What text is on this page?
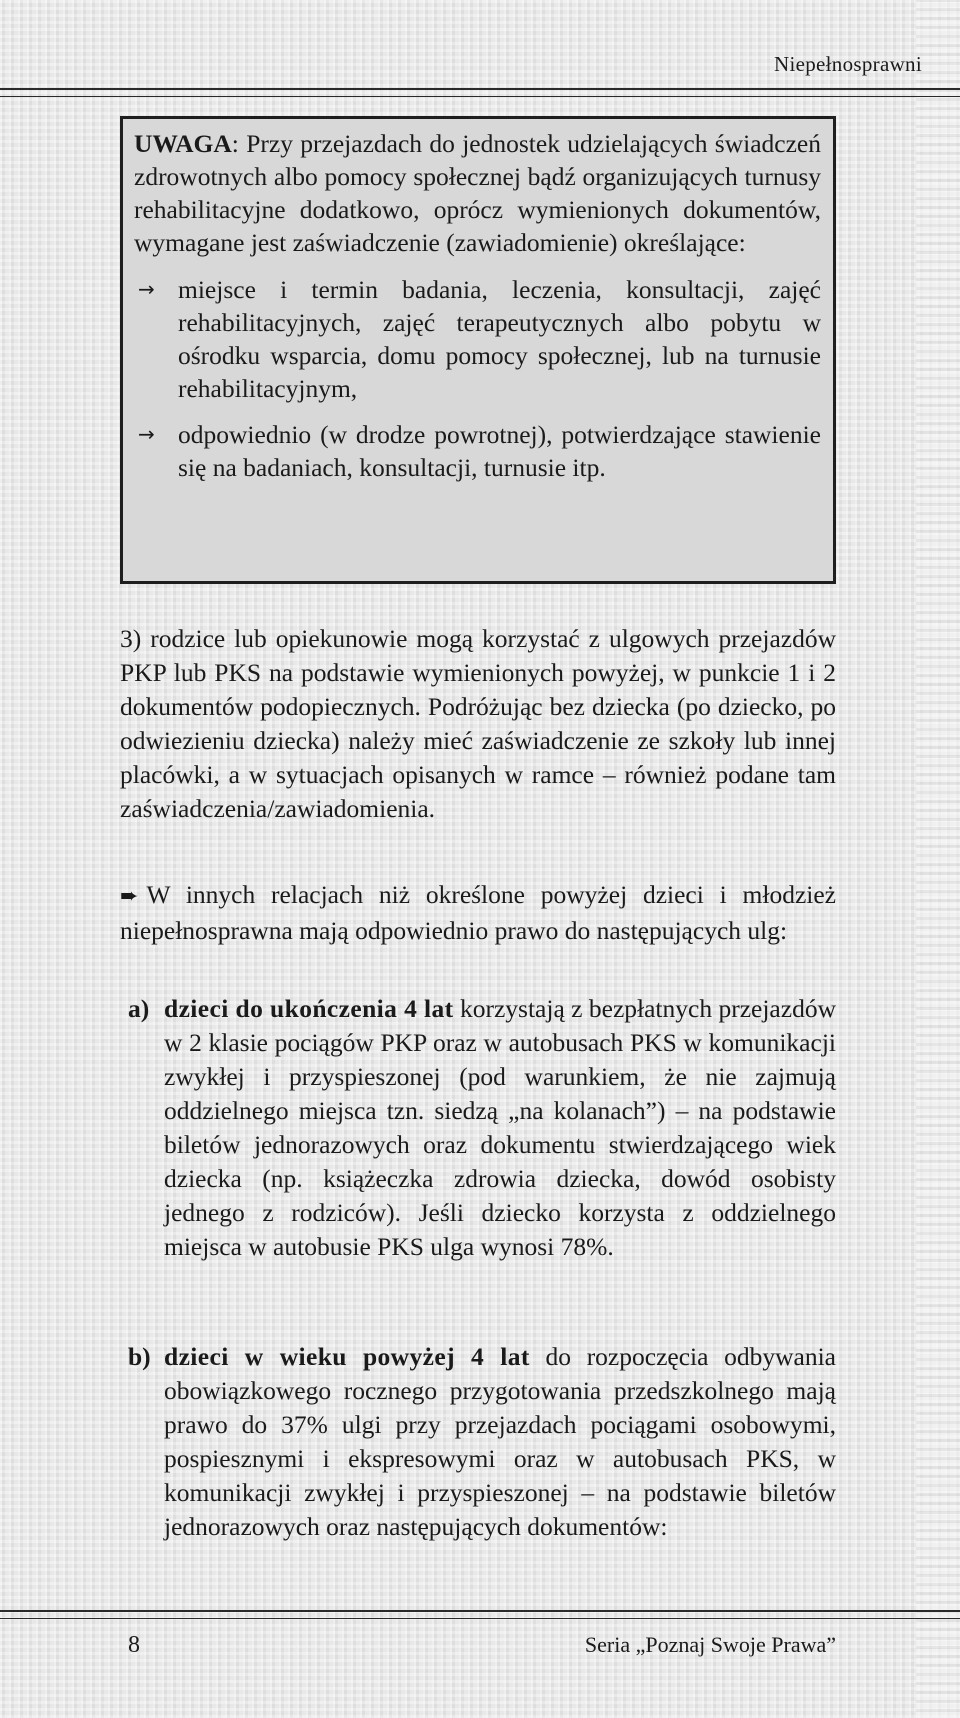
Niepełnosprawni

UWAGA: Przy przejazdach do jednostek udzielających świadczeń zdrowotnych albo pomocy społecznej bądź organizujących turnusy rehabilitacyjne dodatkowo, oprócz wymienionych dokumentów, wymagane jest zaświadczenie (zawiadomienie) określające:

→ miejsce i termin badania, leczenia, konsultacji, zajęć rehabilitacyjnych, zajęć terapeutycznych albo pobytu w ośrodku wsparcia, domu pomocy społecznej, lub na turnusie rehabilitacyjnym,
→ odpowiednio (w drodze powrotnej), potwierdzające stawienie się na badaniach, konsultacji, turnusie itp.

3) rodzice lub opiekunowie mogą korzystać z ulgowych przejazdów PKP lub PKS na podstawie wymienionych powyżej, w punkcie 1 i 2 dokumentów podopiecznych. Podróżując bez dziecka (po dziecko, po odwiezieniu dziecka) należy mieć zaświadczenie ze szkoły lub innej placówki, a w sytuacjach opisanych w ramce – również podane tam zaświadczenia/zawiadomienia.

➨ W innych relacjach niż określone powyżej dzieci i młodzież niepełnosprawna mają odpowiednio prawo do następujących ulg:

a) dzieci do ukończenia 4 lat korzystają z bezpłatnych przejazdów w 2 klasie pociągów PKP oraz w autobusach PKS w komunikacji zwykłej i przyspieszonej (pod warunkiem, że nie zajmują oddzielnego miejsca tzn. siedzą „na kolanach”) – na podstawie biletów jednorazowych oraz dokumentu stwierdzającego wiek dziecka (np. książeczka zdrowia dziecka, dowód osobisty jednego z rodziców). Jeśli dziecko korzysta z oddzielnego miejsca w autobusie PKS ulga wynosi 78%.
b) dzieci w wieku powyżej 4 lat do rozpoczęcia odbywania obowiązkowego rocznego przygotowania przedszkolnego mają prawo do 37% ulgi przy przejazdach pociągami osobowymi, pospiesznymi i ekspresowymi oraz w autobusach PKS, w komunikacji zwykłej i przyspieszonej – na podstawie biletów jednorazowych oraz następujących dokumentów:
8	Seria „Poznaj Swoje Prawa”
